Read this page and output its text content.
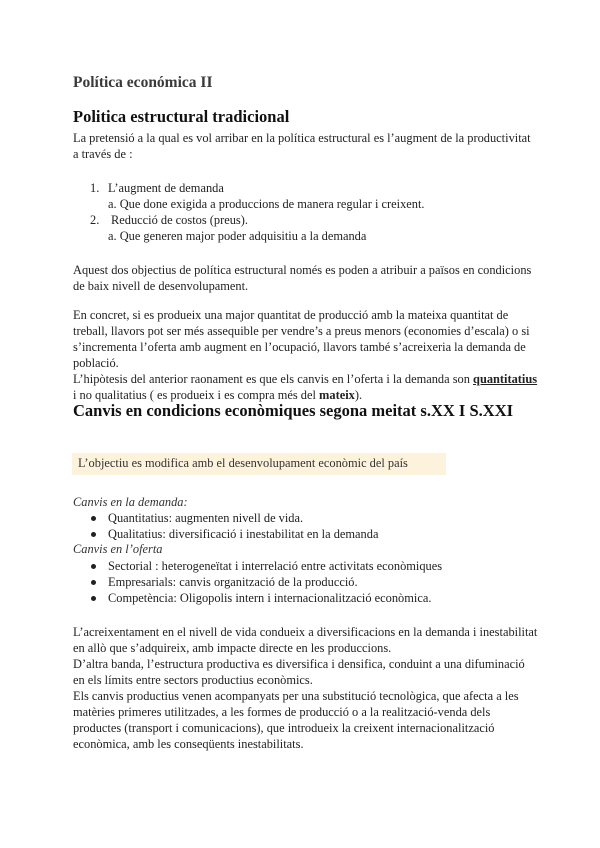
Política económica II
Politica estructural tradicional
La pretensió a la qual es vol arribar en la política estructural es l’augment de la productivitat
a través de :
1. L’augment de demanda
a. Que done exigida a produccions de manera regular i creixent.
2. Reducció de costos (preus).
a. Que generen major poder adquisitiu a la demanda
Aquest dos objectius de política estructural només es poden a atribuir a països en condicions
de baix nivell de desenvolupament.
En concret, si es produeix una major quantitat de producció amb la mateixa quantitat de
treball, llavors pot ser més assequible per vendre’s a preus menors (economies d’escala) o si
s’incrementa l’oferta amb augment en l’ocupació, llavors també s’acreixeria la demanda de
població.
L’hipòtesis del anterior raonament es que els canvis en l’oferta i la demanda son quantitatius
i no qualitatius ( es produeix i es compra més del mateix).
Canvis en condicions econòmiques segona meitat s.XX I S.XXI
L’objectiu es modifica amb el desenvolupament econòmic del país
Canvis en la demanda:
Quantitatius: augmenten nivell de vida.
Qualitatius: diversificació i inestabilitat en la demanda
Canvis en l’oferta
Sectorial : heterogeneïtat i interrelació entre activitats econòmiques
Empresarials: canvis organització de la producció.
Competència: Oligopolis intern i internacionalització econòmica.
L’acreixentament en el nivell de vida condueix a diversificacions en la demanda i inestabilitat
en allò que s’adquireix, amb impacte directe en les produccions.
D’altra banda, l’estructura productiva es diversifica i densifica, conduint a una difuminació
en els límits entre sectors productius econòmics.
Els canvis productius venen acompanyats per una substitució tecnològica, que afecta a les
matèries primeres utilitzades, a les formes de producció o a la realització-venda dels
productes (transport i comunicacions), que introdueix la creixent internacionalització
econòmica, amb les conseqüents inestabilitats.
